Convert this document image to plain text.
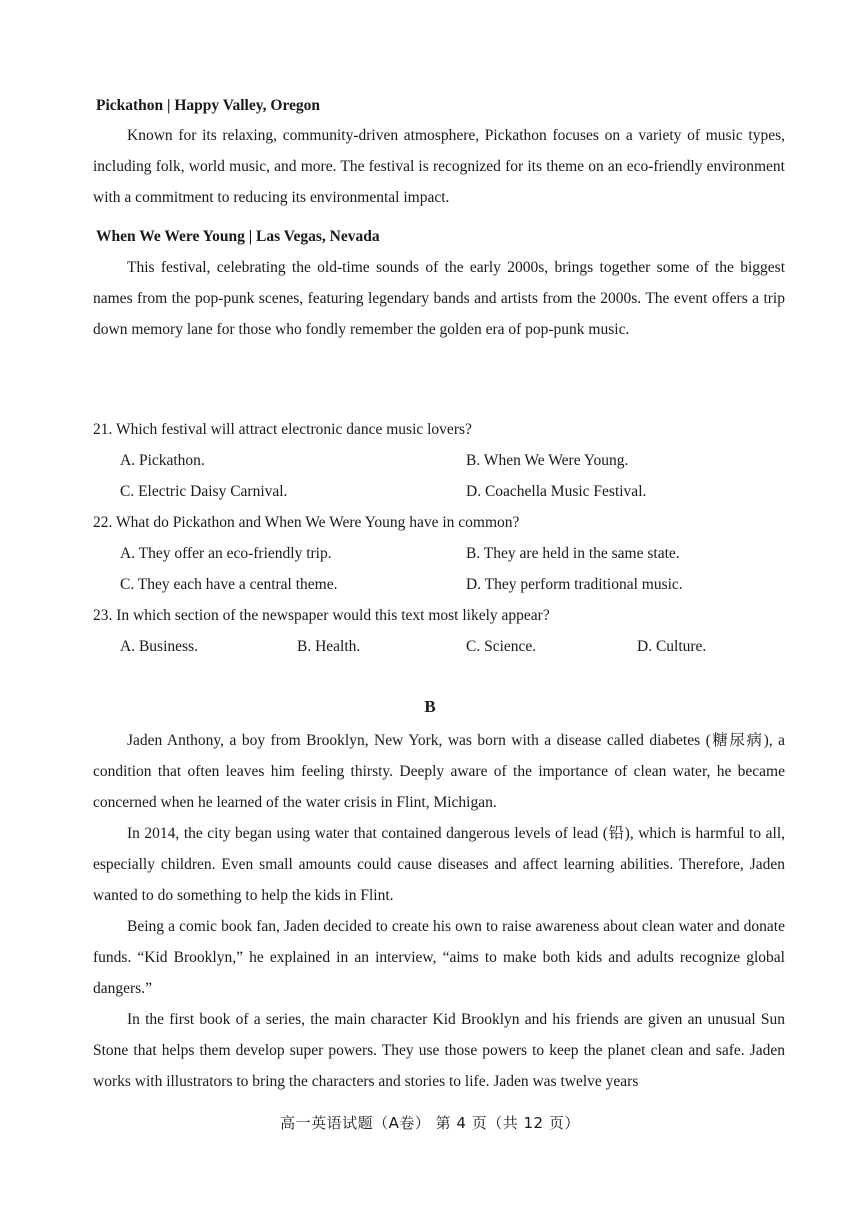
Pickathon | Happy Valley, Oregon

Known for its relaxing, community-driven atmosphere, Pickathon focuses on a variety of music types, including folk, world music, and more. The festival is recognized for its theme on an eco-friendly environment with a commitment to reducing its environmental impact.

When We Were Young | Las Vegas, Nevada

This festival, celebrating the old-time sounds of the early 2000s, brings together some of the biggest names from the pop-punk scenes, featuring legendary bands and artists from the 2000s. The event offers a trip down memory lane for those who fondly remember the golden era of pop-punk music.

21. Which festival will attract electronic dance music lovers?
A. Pickathon.	B. When We Were Young.
C. Electric Daisy Carnival.	D. Coachella Music Festival.
22. What do Pickathon and When We Were Young have in common?
A. They offer an eco-friendly trip.	B. They are held in the same state.
C. They each have a central theme.	D. They perform traditional music.
23. In which section of the newspaper would this text most likely appear?
A. Business.	B. Health.	C. Science.	D. Culture.
B

Jaden Anthony, a boy from Brooklyn, New York, was born with a disease called diabetes (糖尿病), a condition that often leaves him feeling thirsty. Deeply aware of the importance of clean water, he became concerned when he learned of the water crisis in Flint, Michigan.

In 2014, the city began using water that contained dangerous levels of lead (铅), which is harmful to all, especially children. Even small amounts could cause diseases and affect learning abilities. Therefore, Jaden wanted to do something to help the kids in Flint.

Being a comic book fan, Jaden decided to create his own to raise awareness about clean water and donate funds. “Kid Brooklyn,” he explained in an interview, “aims to make both kids and adults recognize global dangers.”

In the first book of a series, the main character Kid Brooklyn and his friends are given an unusual Sun Stone that helps them develop super powers. They use those powers to keep the planet clean and safe. Jaden works with illustrators to bring the characters and stories to life. Jaden was twelve years

高一英语试题（A卷） 第 4 页（共 12 页）
